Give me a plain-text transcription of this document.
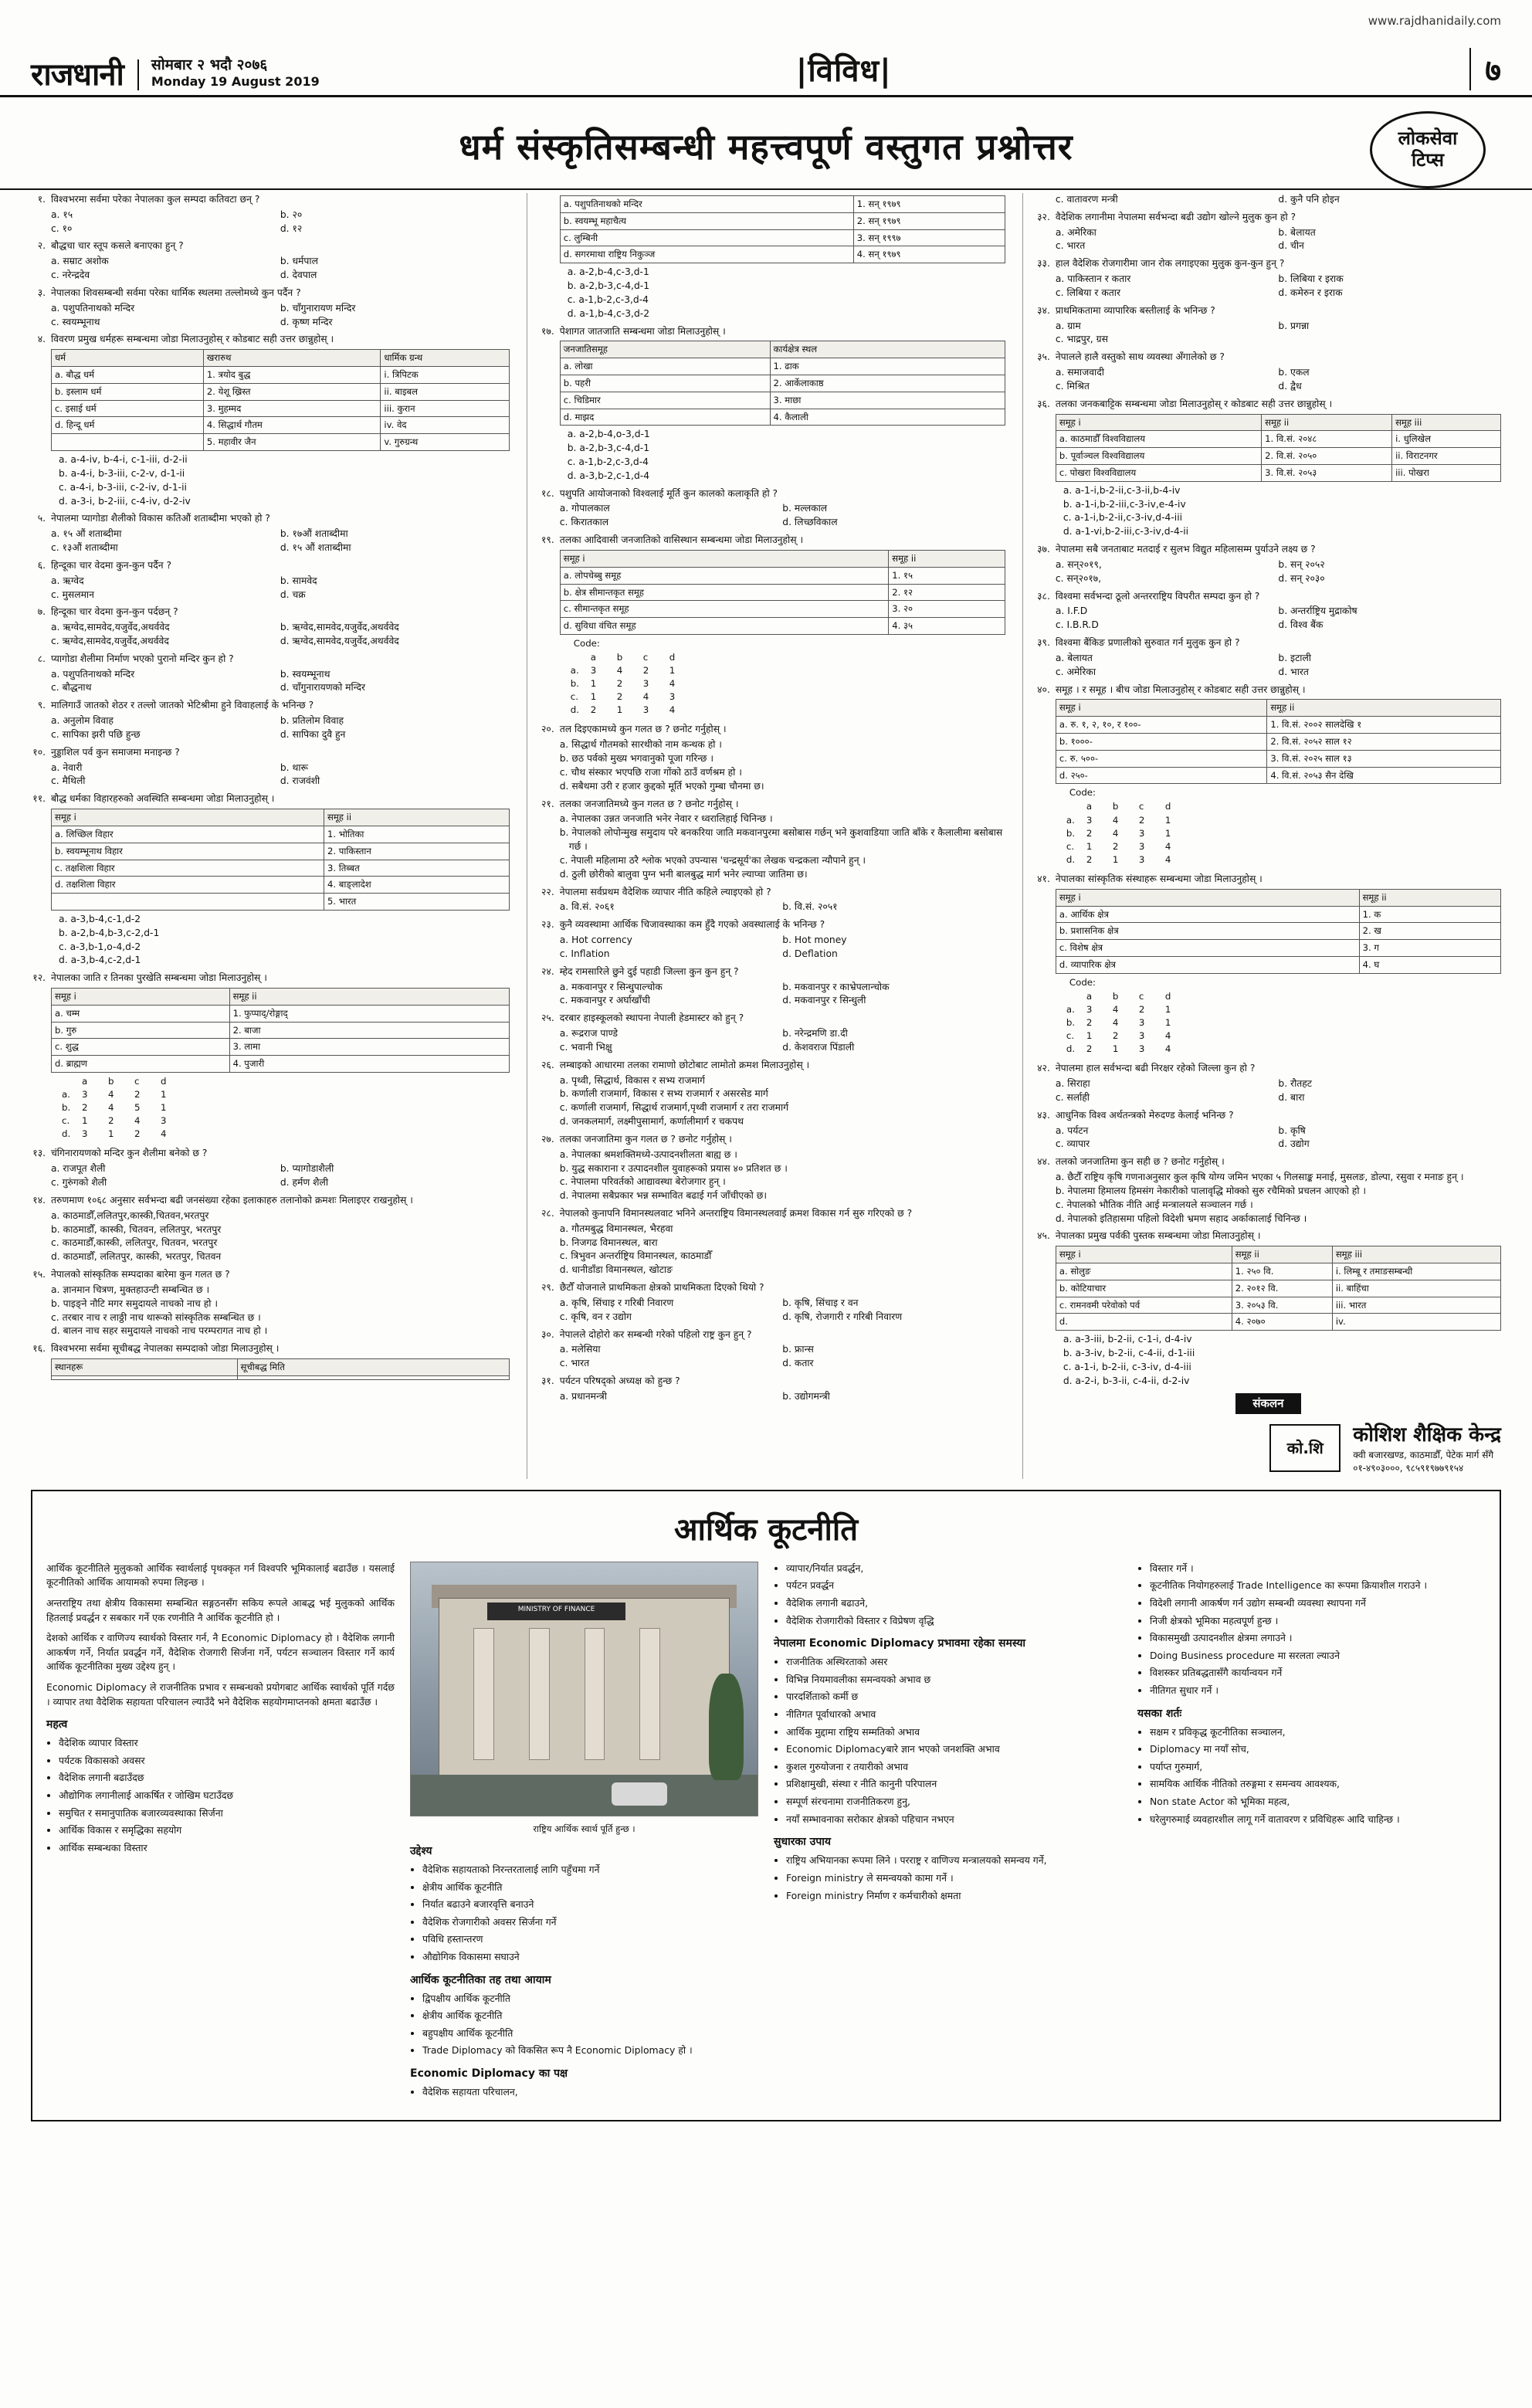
राजधानी	सोमबार २ भदौ २०७६
Monday 19 August 2019	|विविध|
www.rajdhanidaily.com
७
धर्म संस्कृतिसम्बन्धी महत्त्वपूर्ण वस्तुगत प्रश्नोत्तर	लोकसेवा
टिप्स
१. विश्वभरमा सर्वमा परेका नेपालका कुल सम्पदा कतिवटा छन् ?
a. १५	b. २०
c. १०	d. १२
२. बौद्धचा चार स्तूप कसले बनाएका हुन् ?
a. सम्राट अशोक	b. धर्मपाल
c. नरेन्द्रदेव	d. देवपाल
३. नेपालका शिवसम्बन्धी सर्वमा परेका धार्मिक स्थलमा तल्लोमध्ये कुन पर्दैन ?
a. पशुपतिनाथको मन्दिर	b. चाँगुनारायण मन्दिर
c. स्वयम्भूनाथ	d. कृष्ण मन्दिर
४. विवरण प्रमुख धर्महरू सम्बन्धमा जोडा मिलाउनुहोस् र कोडबाट सही उत्तर छान्नुहोस् ।
धर्म	खरारुथ	धार्मिक ग्रन्थ
a. बौद्ध धर्म	1. त्रयोद बुद्ध	i. त्रिपिटक
b. इस्लाम धर्म	2. येशू ख्रिस्त	ii. बाइबल
c. इसाई धर्म	3. मुहम्मद	iii. कुरान
d. हिन्दू धर्म	4. सिद्धार्थ गौतम	iv. वेद
	5. महावीर जैन	v. गुरुग्रन्थ
a. a-4-iv, b-4-i, c-1-iii, d-2-ii
b. a-4-i, b-3-iii, c-2-v, d-1-ii
c. a-4-i, b-3-iii, c-2-iv, d-1-ii
d. a-3-i, b-2-iii, c-4-iv, d-2-iv
५. नेपालमा प्यागोडा शैलीको विकास कतिऔं शताब्दीमा भएको हो ?
a. १५ औं शताब्दीमा	b. १७औं शताब्दीमा
c. १३औं शताब्दीमा	d. १५ औं शताब्दीमा
६. हिन्दूका चार वेदमा कुन-कुन पर्दैन ?
a. ऋग्वेद	b. सामवेद
c. मुसलमान	d. चक्र
७. हिन्दूका चार वेदमा कुन-कुन पर्दछन् ?
a. ऋग्वेद,सामवेद,यजुर्वेद,अथर्ववेद	b. ऋग्वेद,सामवेद,यजुर्वेद,अथर्ववेद
c. ऋग्वेद,सामवेद,यजुर्वेद,अथर्ववेद	d. ऋग्वेद,सामवेद,यजुर्वेद,अथर्ववेद
८. प्यागोडा शैलीमा निर्माण भएको पुरानो मन्दिर कुन हो ?
a. पशुपतिनाथको मन्दिर	b. स्वयम्भूनाथ
c. बौद्धनाथ	d. चाँगुनारायणको मन्दिर
९. मालिगाउँ जातको शेठर र तल्लो जातको भेटिश्रीमा हुने विवाहलाई के भनिन्छ ?
a. अनुलोम विवाह	b. प्रतिलोम विवाह
c. सापिका झरी पछि हुन्छ	d. सापिका दुवै हुन
१०. नुड्डाशिल पर्व कुन समाजमा मनाइन्छ ?
a. नेवारी	b. थारू
c. मैथिली	d. राजवंशी
११. बौद्ध धर्मका विहारहरुको अवस्थिति सम्बन्धमा जोडा मिलाउनुहोस् ।
समूह i	समूह ii
a. लिच्छिल विहार	1. भोतिका
b. स्वयम्भूनाथ विहार	2. पाकिस्तान
c. तक्षशिला विहार	3. तिब्बत
d. तक्षशिला विहार	4. बाङ्लादेश
	5. भारत
a. a-3,b-4,c-1,d-2
b. a-2,b-4,b-3,c-2,d-1
c. a-3,b-1,o-4,d-2
d. a-3,b-4,c-2,d-1
१२. नेपालका जाति र तिनका पुरखेति सम्बन्धमा जोडा मिलाउनुहोस् ।
समूह i	समूह ii
a. चम्म	1. फुप्पाद्/रोङ्गाद्
b. गुरु	2. बाजा
c. शुद्ध	3. लामा
d. ब्राह्मण	4. पुजारी
a	b	c	d
a.	3	4	2	1
b.	2	4	5	1
c.	1	2	4	3
d.	3	1	2	4
१३. चंगिनारायणको मन्दिर कुन शैलीमा बनेको छ ?
a. राजपूत शैली	b. प्यागोडाशैली
c. गुरुंगको शैली	d. हर्मण शैली
१४. तरुणमाण १०६८ अनुसार सर्वभन्दा बढी जनसंख्या रहेका इलाकाहरु तलानोको क्रमशः मिलाइएर राखनुहोस् ।
a. काठमाडौँ,ललितपुर,कास्की,चितवन,भरतपुर
b. काठमाडौँ, कास्की, चितवन, ललितपुर, भरतपुर
c. काठमाडौँ,कास्की, ललितपुर, चितवन, भरतपुर
d. काठमाडौँ, ललितपुर, कास्की, भरतपुर, चितवन
१५. नेपालको सांस्कृतिक सम्पदाका बारेमा कुन गलत छ ?
a. ज्ञानमान चित्रण, मुक्तहाउन्टी सम्बन्धित छ ।
b. पाइङ्ने नौटि मगर समुदायले नाचको नाच हो ।
c. तरबार नाच र लाठ्ठी नाच थारूको सांस्कृतिक सम्बन्धित छ ।
d. बालन नाच सहर समुदायले नाचको नाच परम्परागत नाच हो ।
१६. विश्वभरमा सर्वमा सूचीबद्ध नेपालका सम्पदाको जोडा मिलाउनुहोस् ।
स्थानहरू	सूचीबद्ध मिति

a. पशुपतिनाथको मन्दिर	1. सन् १९७९
b. स्वयम्भू महाचैत्य	2. सन् १९७९
c. लुम्बिनी	3. सन् १९९७
d. सगरमाथा राष्ट्रिय निकुञ्ज	4. सन् १९७९
a. a-2,b-4,c-3,d-1
b. a-2,b-3,c-4,d-1
c. a-1,b-2,c-3,d-4
d. a-1,b-4,c-3,d-2
१७. पेशागत जातजाति सम्बन्धमा जोडा मिलाउनुहोस् ।
जनजातिसमूह	कार्यक्षेत्र स्थल
a. लोखा	1. ढाक
b. पहरी	2. आर्केलाकाष्ठ
c. चिडिमार	3. माछा
d. माझद	4. कैलाली
a. a-2,b-4,o-3,d-1
b. a-2,b-3,c-4,d-1
c. a-1,b-2,c-3,d-4
d. a-3,b-2,c-1,d-4
१८. पशुपति आयोजनाको विश्वलाई मूर्ति कुन कालको कलाकृति हो ?
a. गोपालकाल	b. मल्लकाल
c. किरातकाल	d. लिच्छविकाल
१९. तलका आदिवासी जनजातिको वासिस्थान सम्बन्धमा जोडा मिलाउनुहोस् ।
समूह i	समूह ii
a. लोपचेब्बु समूह	1. १५
b. क्षेत्र सीमान्तकृत समूह	2. १२
c. सीमान्तकृत समूह	3. २०
d. सुविधा वंचित समूह	4. ३५
Code:
a	b	c	d
a.	3	4	2	1
b.	1	2	3	4
c.	1	2	4	3
d.	2	1	3	4
२०. तल दिइएकामध्ये कुन गलत छ ? छनोट गर्नुहोस् ।
a. सिद्धार्थ गौतमको सारथीको नाम कन्थक हो ।
b. छठ पर्वको मुख्य भगवानुको पूजा गरिन्छ ।
c. चौथ संस्कार भएपछि राजा गोंको ठाउँ वर्णश्रम हो ।
d. सबैथमा उरी र हजार कुद्दको मूर्ति भएको गुम्बा चौनमा छ।
२१. तलका जनजातिमध्ये कुन गलत छ ? छनोट गर्नुहोस् ।
a. नेपालका उन्नत जनजाति भनेर नेवार र ध्वरालिहाई चिनिन्छ ।
b. नेपालको लोपोन्मुख समुदाय परे बनकरिया जाति मकवानपुरमा बसोबास गर्छन् भने कुशवाडियाा जाति बाँके र कैलालीमा बसोबास गर्छ ।
c. नेपाली महिलामा ठरै श्लोक भएको उपन्यास 'चन्द्रसूर्य'का लेखक चन्द्रकला न्यौपाने हुन् ।
d. ठुली छोरीको बालुवा पुग्न भनी बालबुद्ध मार्ग भनेर ल्याप्चा जातिमा छ।
२२. नेपालमा सर्वप्रथम वैदेशिक व्यापार नीति कहिले ल्याइएको हो ?
a. वि.सं. २०६१	b. वि.सं. २०५१
२३. कुनै व्यवस्थामा आर्थिक चिजावस्थाका कम हुँदै गएको अवस्थालाई के भनिन्छ ?
a. Hot corrency	b. Hot money
c. Inflation	d. Deflation
२४. म्हेद रामसारिले छुने दुई पहाडी जिल्ला कुन कुन हुन् ?
a. मकवानपुर र सिन्धुपाल्चोक	b. मकवानपुर र काभ्रेपलान्चोक
c. मकवानपुर र अर्घाखाँची	d. मकवानपुर र सिन्धुली
२५. दरबार हाइस्कूलको स्थापना नेपाली हेडमास्टर को हुन् ?
a. रूद्रराज पाण्डे	b. नरेन्द्रमणि डा.दी
c. भवानी भिक्षु	d. केशवराज पिंडाली
२६. लम्बाइको आधारमा तलका रामाणो छोटोबाट लामोतो क्रमश मिलाउनुहोस् ।
a. पृथ्वी, सिद्धार्थ, विकास र सभ्य राजमार्ग
b. कर्णाली राजमार्ग, विकास र सभ्य राजमार्ग र असरसेड मार्ग
c. कर्णाली राजमार्ग, सिद्धार्थ राजमार्ग,पृथ्वी राजमार्ग र तरा राजमार्ग
d. जनकलमार्ग, लक्ष्मीपुसामार्ग, कर्णालीमार्ग र चकपथ
२७. तलका जनजातिमा कुन गलत छ ? छनोट गर्नुहोस् ।
a. नेपालका श्रमशक्तिमध्ये-उत्पादनशीलता बाह्य छ ।
b. युद्ध सकाराना र उत्पादनशील युवाहरूको प्रयास ४० प्रतिशत छ ।
c. नेपालमा परिवर्तको आद्यावस्था बेरोजगार हुन् ।
d. नेपालमा सबैप्रकार भन्न सम्भावित बढाई गर्न जाँचीएको छ।
२८. नेपालको कुनापनि विमानस्थलवाट भनिने अन्तराष्ट्रिय विमानस्थलवाई क्रमश विकास गर्न सुरु गरिएको छ ?
a. गौतमबुद्ध विमानस्थल, भैरहवा
b. निजगढ विमानस्थल, बारा
c. त्रिभुवन अन्तर्राष्ट्रिय विमानस्थल, काठमाडौँ
d. धानीडाँडा विमानस्थल, खोटाङ
२९. छैटौँ योजनाले प्राथमिकता क्षेत्रको प्राथमिकता दिएको थियो ?
a. कृषि, सिंचाइ र गरिबी निवारण	b. कृषि, सिंचाइ र वन
c. कृषि, वन र उद्योग	d. कृषि, रोजगारी र गरिबी निवारण
३०. नेपालले दोहोरो कर सम्बन्धी गरेको पहिलो राष्ट्र कुन हुन् ?
a. मलेसिया	b. फ्रान्स
c. भारत	d. कतार
३१. पर्यटन परिषद्को अध्यक्ष को हुन्छ ?
a. प्रधानमन्त्री	b. उद्योगमन्त्री
c. वातावरण मन्त्री	d. कुनै पनि होइन
३२. वैदेशिक लगानीमा नेपालमा सर्वभन्दा बढी उद्योग खोल्ने मुलुक कुन हो ?
a. अमेरिका	b. बेलायत
c. भारत	d. चीन
३३. हाल वैदेशिक रोजगारीमा जान रोक लगाइएका मुलुक कुन-कुन हुन् ?
a. पाकिस्तान र कतार	b. लिबिया र इराक
c. लिबिया र कतार	d. कमेरुन र इराक
३४. प्राथमिकतामा व्यापारिक बस्तीलाई के भनिन्छ ?
a. ग्राम	b. प्रगन्ना
c. भाद्रपुर, ग्रस
३५. नेपालले हालै वस्तुको साथ व्यवस्था अँगालेको छ ?
a. समाजवादी	b. एकल
c. मिश्रित	d. द्वैध
३६. तलका जनकबाट्टिक सम्बन्धमा जोडा मिलाउनुहोस् र कोडबाट सही उत्तर छान्नुहोस् ।
समूह i	समूह ii	समूह iii
a. काठमाडौँ विश्वविद्यालय	1. वि.सं. २०४८	i. धुलिखेल
b. पूर्वाञ्चल विश्वविद्यालय	2. वि.सं. २०५०	ii. विराटनगर
c. पोखरा विश्वविद्यालय	3. वि.सं. २०५३	iii. पोखरा
a. a-1-i,b-2-ii,c-3-ii,b-4-iv
b. a-1-i,b-2-iii,c-3-iv,e-4-iv
c. a-1-i,b-2-ii,c-3-iv,d-4-iii
d. a-1-vi,b-2-iii,c-3-iv,d-4-ii
३७. नेपालमा सबै जनताबाट मतदाई र सुलभ विद्युत महिलासम्म पुर्याउने लक्ष्य छ ?
a. सन्२०१९,	b. सन् २०५२
c. सन्२०१७,	d. सन् २०३०
३८. विश्वमा सर्वभन्दा ठूलो अन्तरराष्ट्रिय विपरीत सम्पदा कुन हो ?
a. I.F.D	b. अन्तर्राष्ट्रिय मुद्राकोष
c. I.B.R.D	d. विश्व बैंक
३९. विश्वमा बैंकिङ प्रणालीको सुरुवात गर्न मुलुक कुन हो ?
a. बेलायत	b. इटाली
c. अमेरिका	d. भारत
४०. समूह । र समूह । बीच जोडा मिलाउनुहोस् र कोडबाट सही उत्तर छान्नुहोस् ।
समूह i	समूह ii
a. रु. १, २, १०, र १००-	1. वि.सं. २००२ सालदेखि १
b. १०००-	2. वि.सं. २०५२ साल १२
c. रु. ५००-	3. वि.सं. २०२५ साल १३
d. २५०-	4. वि.सं. २०५३ सैन देखि
Code:
a	b	c	d
a.	3	4	2	1
b.	2	4	3	1
c.	1	2	3	4
d.	2	1	3	4
४१. नेपालका सांस्कृतिक संस्थाहरू सम्बन्धमा जोडा मिलाउनुहोस् ।
समूह i	समूह ii
a. आर्थिक क्षेत्र	1. क
b. प्रशासनिक क्षेत्र	2. ख
c. विशेष क्षेत्र	3. ग
d. व्यापारिक क्षेत्र	4. घ
Code:
a	b	c	d
a.	3	4	2	1
b.	2	4	3	1
c.	1	2	3	4
d.	2	1	3	4
४२. नेपालमा हाल सर्वभन्दा बढी निरक्षर रहेको जिल्ला कुन हो ?
a. सिराहा	b. रौतहट
c. सर्लाही	d. बारा
४३. आधुनिक विश्व अर्थतन्त्रको मेरुदण्ड केलाई भनिन्छ ?
a. पर्यटन	b. कृषि
c. व्यापार	d. उद्योग
४४. तलको जनजातिमा कुन सही छ ? छनोट गर्नुहोस् ।
a. छैटौँ राष्ट्रिय कृषि गणनाअनुसार कुल कृषि योग्य जमिन भएका ५ गिलसाङ्क मनाई, मुसलङ, डोल्पा, रसुवा र मनाङ हुन् ।
b. नेपालमा हिमालय हिमसंग नेकारीको पालावृद्धि मोक्को सुरु रचैमिको प्रचलन आएको हो ।
c. नेपालको भौतिक नीति आई मन्त्रालयले सञ्चालन गर्छ ।
d. नेपालको इतिहासमा पहिलो विदेशी भ्रमण सहाद अर्काकालाई चिनिन्छ ।
४५. नेपालका प्रमुख पर्वकी पुस्तक सम्बन्धमा जोडा मिलाउनुहोस् ।
समूह i	समूह ii	समूह iii
a. सोलुङ	1. २५० वि.	i. लिम्बू र तमाङसम्बन्धी
b. कोटियाचार	2. २०१२ वि.	ii. बाहिंचा
c. रामनवमी परेवोको पर्व	3. २०५३ वि.	iii. भारत
d.	4. २०७०	iv.
a. a-3-iii, b-2-ii, c-1-i, d-4-iv
b. a-3-iv, b-2-ii, c-4-ii, d-1-iii
c. a-1-i, b-2-ii, c-3-iv, d-4-iii
d. a-2-i, b-3-ii, c-4-ii, d-2-iv
संकलन
को.शि
कोशिश शैक्षिक केन्द्र
क्वी बजारखण्ड, काठमाडौँ, पेटेक मार्ग सँगै
०१-४९०३०००, ९८५९१९७७९१५४
आर्थिक कूटनीति

आर्थिक कूटनीतिले मुलुकको आर्थिक स्वार्थलाई पृथक्कृत गर्न विश्वपरि भूमिकालाई बढाउँछ । यसलाई कूटनीतिको आर्थिक आयामको रुपमा लिइन्छ ।

अन्तराष्ट्रिय तथा क्षेत्रीय विकासमा सम्बन्धित सङ्गठनसँग सकिय रूपले आबद्ध भई मुलुकको आर्थिक हितलाई प्रवर्द्धन र सबकार गर्ने एक रणनीति नै आर्थिक कूटनीति हो ।

देशको आर्थिक र वाणिज्य स्वार्थको विस्तार गर्न, नै Economic Diplomacy हो । वैदेशिक लगानी आकर्षण गर्ने, निर्यात प्रवर्द्धन गर्ने, वैदेशिक रोजगारी सिर्जना गर्ने, पर्यटन सञ्चालन विस्तार गर्ने कार्य आर्थिक कूटनीतिका मुख्य उद्देश्य हुन् ।

Economic Diplomacy ले राजनीतिक प्रभाव र सम्बन्धको प्रयोगबाट आर्थिक स्वार्थको पूर्ति गर्दछ । व्यापार तथा वैदेशिक सहायता परिचालन ल्याउँदै भने वैदेशिक सहयोगमाप्तनको क्षमता बढाउँछ ।

महत्व
• वैदेशिक व्यापार विस्तार
• पर्यटक विकासको अवसर
• वैदेशिक लगानी बढाउँदछ
• औद्योगिक लगानीलाई आकर्षित र जोखिम घटाउँदछ
• समुचित र समानुपातिक बजारव्यवस्थाका सिर्जना
• आर्थिक विकास र समृद्धिका सहयोग
• आर्थिक सम्बन्धका विस्तार
MINISTRY OF FINANCE
राष्ट्रिय आर्थिक स्वार्थ पूर्ति हुन्छ ।
उद्देश्य
• वैदेशिक सहायताको निरन्तरतालाई लागि पहुँचमा गर्ने
• क्षेत्रीय आर्थिक कूटनीति
• निर्यात बढाउने बजारवृत्ति बनाउने
• वैदेशिक रोजगारीको अवसर सिर्जना गर्ने
• पविधि हस्तान्तरण
• औद्योगिक विकासमा सघाउने
आर्थिक कूटनीतिका तह तथा आयाम
• द्विपक्षीय आर्थिक कूटनीति
• क्षेत्रीय आर्थिक कूटनीति
• बहुपक्षीय आर्थिक कूटनीति
• Trade Diplomacy को विकसित रूप नै Economic Diplomacy हो ।
Economic Diplomacy का पक्ष
• वैदेशिक सहायता परिचालन,
• व्यापार/निर्यात प्रवर्द्धन,
• पर्यटन प्रवर्द्धन
• वैदेशिक लगानी बढाउने,
• वैदेशिक रोजगारीको विस्तार र विप्रेषण वृद्धि
नेपालमा Economic Diplomacy प्रभावमा रहेका समस्या
• राजनीतिक अस्थिरताको असर
• विभिन्न नियमावलीका समन्वयको अभाव छ
• पारदर्शिताको कर्मी छ
• नीतिगत पूर्वाधारको अभाव
• आर्थिक मुद्दामा राष्ट्रिय सम्मतिको अभाव
• Economic Diplomacyबारे ज्ञान भएको जनशक्ति अभाव
• कुशल गुरुयोजना र तयारीको अभाव
• प्रशिक्षामुखी, संस्था र नीति कानुनी परिपालन
• सम्पूर्ण संरचनामा राजनीतिकरण हुनु,
• नयाँ सम्भावनाका सरोकार क्षेत्रको पहिचान नभएन
सुधारका उपाय
• राष्ट्रिय अभियानका रूपमा लिने । परराष्ट्र र वाणिज्य मन्त्रालयको समन्वय गर्ने,
• Foreign ministry ले समन्वयको कामा गर्ने ।
• Foreign ministry निर्माण र कर्मचारीको क्षमता
• विस्तार गर्ने ।
• कूटनीतिक नियोगहरुलाई Trade Intelligence का रूपमा क्रियाशील गराउने ।
• विदेशी लगानी आकर्षण गर्न उद्योग सम्बन्धी व्यवस्था स्थापना गर्ने
• निजी क्षेत्रको भूमिका महत्वपूर्ण हुन्छ ।
• विकासमुखी उत्पादनशील क्षेत्रमा लगाउने ।
• Doing Business procedure मा सरलता ल्याउने
• विशस्कर प्रतिबद्धतासँगै कार्यान्वयन गर्ने
• नीतिगत सुधार गर्ने ।
यसका शर्तः
• सक्षम र प्रविकृद्ध कूटनीतिका सञ्चालन,
• Diplomacy मा नयाँ सोच,
• पर्याप्त गुरुमार्ग,
• सामयिक आर्थिक नीतिको तरुङ्गमा र समन्वय आवश्यक,
• Non state Actor को भूमिका महत्व,
• घरेलुगरुमाई व्यवहारशील लागू गर्ने वातावरण र प्रविधिहरू आदि चाहिन्छ ।
